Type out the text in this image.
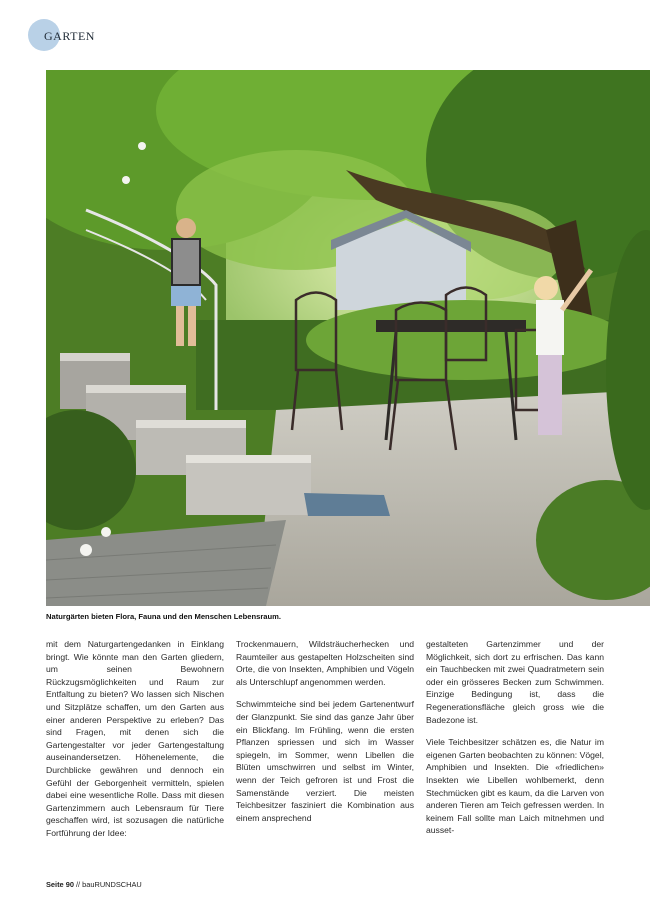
GARTEN
Naturgärten bieten Flora, Fauna und den Menschen Lebensraum.

mit dem Naturgartengedanken in Einklang bringt. Wie könnte man den Garten gliedern, um seinen Bewohnern Rückzugsmöglichkeiten und Raum zur Entfaltung zu bieten? Wo lassen sich Nischen und Sitzplätze schaffen, um den Garten aus einer anderen Perspektive zu erleben? Das sind Fragen, mit denen sich die Gartengestalter vor jeder Gartengestaltung auseinandersetzen. Höhenelemente, die Durchblicke gewähren und dennoch ein Gefühl der Geborgenheit vermitteln, spielen dabei eine wesentliche Rolle. Dass mit diesen Gartenzimmern auch Lebensraum für Tiere geschaffen wird, ist sozusagen die natürliche Fortführung der Idee:

Trockenmauern, Wildsträucherhecken und Raumteiler aus gestapelten Holzscheiten sind Orte, die von Insekten, Amphibien und Vögeln als Unterschlupf angenommen werden.

Schwimmteiche sind bei jedem Gartenentwurf der Glanzpunkt. Sie sind das ganze Jahr über ein Blickfang. Im Frühling, wenn die ersten Pflanzen spriessen und sich im Wasser spiegeln, im Sommer, wenn Libellen die Blüten umschwirren und selbst im Winter, wenn der Teich gefroren ist und Frost die Samenstände verziert. Die meisten Teichbesitzer fasziniert die Kombination aus einem ansprechend

gestalteten Gartenzimmer und der Möglichkeit, sich dort zu erfrischen. Das kann ein Tauchbecken mit zwei Quadratmetern sein oder ein grösseres Becken zum Schwimmen. Einzige Bedingung ist, dass die Regenerationsfläche gleich gross wie die Badezone ist.

Viele Teichbesitzer schätzen es, die Natur im eigenen Garten beobachten zu können: Vögel, Amphibien und Insekten. Die «friedlichen» Insekten wie Libellen wohlbemerkt, denn Stechmücken gibt es kaum, da die Larven von anderen Tieren am Teich gefressen werden. In keinem Fall sollte man Laich mitnehmen und ausset-

Seite 90 // bauRUNDSCHAU
